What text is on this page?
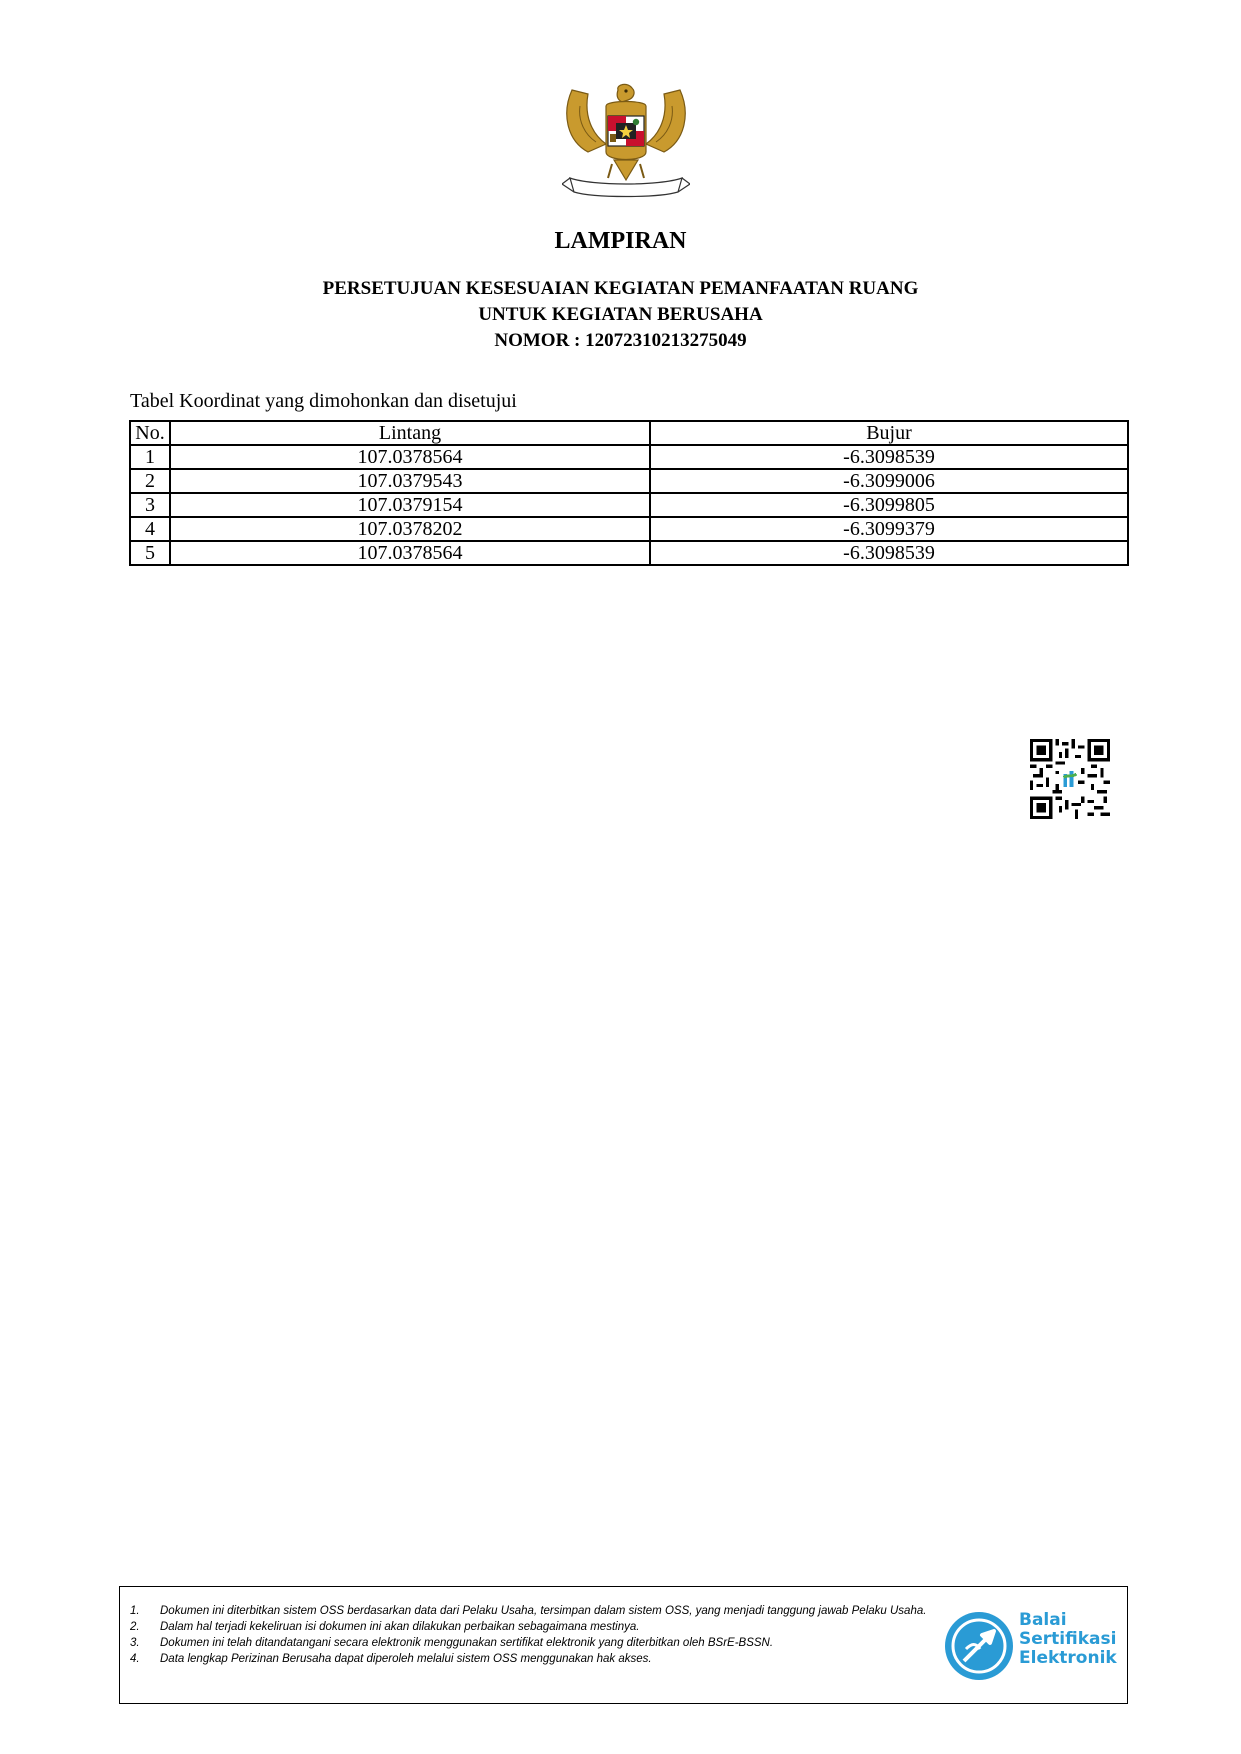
LAMPIRAN
PERSETUJUAN KESESUAIAN KEGIATAN PEMANFAATAN RUANG
UNTUK KEGIATAN BERUSAHA
NOMOR : 12072310213275049
Tabel Koordinat yang dimohonkan dan disetujui
No.	Lintang	Bujur
1	107.0378564	-6.3098539
2	107.0379543	-6.3099006
3	107.0379154	-6.3099805
4	107.0378202	-6.3099379
5	107.0378564	-6.3098539
1. Dokumen ini diterbitkan sistem OSS berdasarkan data dari Pelaku Usaha, tersimpan dalam sistem OSS, yang menjadi tanggung jawab Pelaku Usaha.
2. Dalam hal terjadi kekeliruan isi dokumen ini akan dilakukan perbaikan sebagaimana mestinya.
3. Dokumen ini telah ditandatangani secara elektronik menggunakan sertifikat elektronik yang diterbitkan oleh BSrE-BSSN.
4. Data lengkap Perizinan Berusaha dapat diperoleh melalui sistem OSS menggunakan hak akses.
Balai
Sertifikasi
Elektronik
